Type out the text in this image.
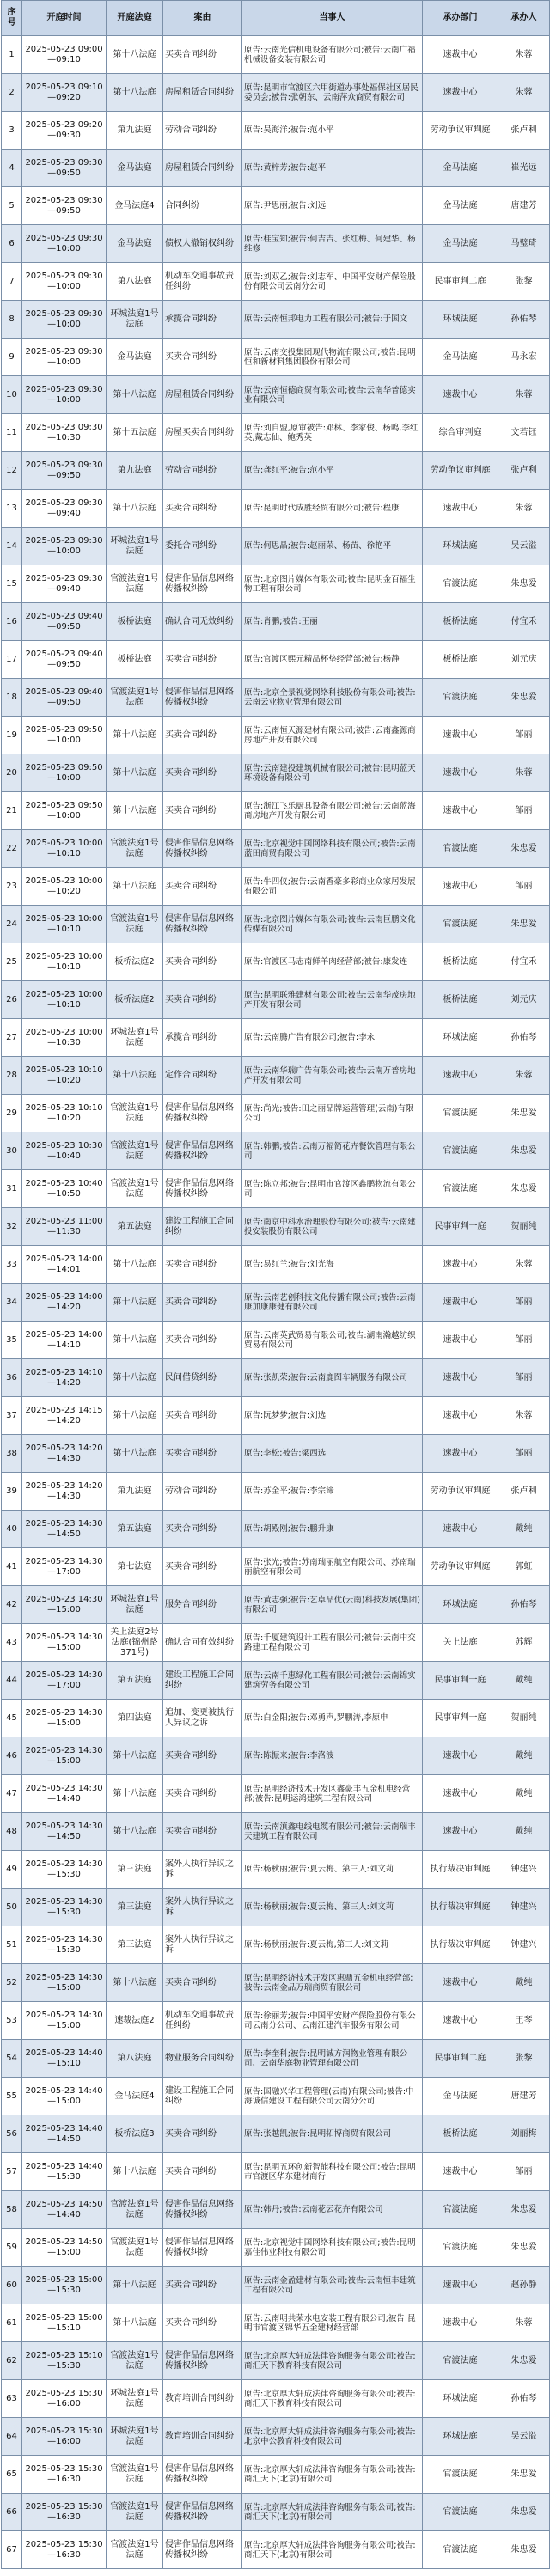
序号	开庭时间	开庭法庭	案由	当事人	承办部门	承办人
1	2025-05-23 09:00—09:10	第十八法庭	买卖合同纠纷	原告:云南光信机电设备有限公司;被告:云南广福机械设备安装有限公司	速裁中心	朱蓉
2	2025-05-23 09:10—09:20	第十八法庭	房屋租赁合同纠纷	原告:昆明市官渡区六甲街道办事处福保社区居民委员会;被告:张朝东、云南萍众商贸有限公司	速裁中心	朱蓉
3	2025-05-23 09:20—09:30	第九法庭	劳动合同纠纷	原告:吴海洋;被告:范小平	劳动争议审判庭	张卢利
4	2025-05-23 09:30—09:50	金马法庭	房屋租赁合同纠纷	原告:黄梓芳;被告:赵平	金马法庭	崔光远
5	2025-05-23 09:30—09:50	金马法庭4	合同纠纷	原告:尹思丽;被告:刘远	金马法庭	唐建芳
6	2025-05-23 09:30—10:00	金马法庭	债权人撤销权纠纷	原告:桂宝知;被告:何吉吉、张红梅、何建华、杨维修	金马法庭	马璧琦
7	2025-05-23 09:30—10:00	第八法庭	机动车交通事故责任纠纷	原告:刘双乙;被告:刘志军、中国平安财产保险股份有限公司云南分公司	民事审判二庭	张黎
8	2025-05-23 09:30—10:00	环城法庭1号法庭	承揽合同纠纷	原告:云南恒邦电力工程有限公司;被告:于国文	环城法庭	孙佑琴
9	2025-05-23 09:30—10:00	金马法庭	买卖合同纠纷	原告:云南交投集团现代物流有限公司;被告:昆明恒和新材料集团股份有限公司	金马法庭	马永宏
10	2025-05-23 09:30—10:00	第十八法庭	房屋租赁合同纠纷	原告:云南恒德商贸有限公司;被告:云南华普德实业有限公司	速裁中心	朱蓉
11	2025-05-23 09:30—10:30	第十五法庭	房屋买卖合同纠纷	原告:刘自盟,原审被告:邓林、李家俊、杨鸣,李红英,戴志仙、鲍秀英	综合审判庭	文若钰
12	2025-05-23 09:30—09:50	第九法庭	劳动合同纠纷	原告:龚红平;被告:范小平	劳动争议审判庭	张卢利
13	2025-05-23 09:30—09:40	第十八法庭	买卖合同纠纷	原告:昆明时代成胜经贸有限公司;被告:程康	速裁中心	朱蓉
14	2025-05-23 09:30—10:00	环城法庭1号法庭	委托合同纠纷	原告:何思晶;被告:赵丽荣、杨苗、徐艳平	环城法庭	吴云溢
15	2025-05-23 09:30—09:40	官渡法庭1号法庭	侵害作品信息网络传播权纠纷	原告:北京图片媒体有限公司;被告:昆明金百福生物工程有限公司	官渡法庭	朱忠爱
16	2025-05-23 09:40—09:50	板桥法庭	确认合同无效纠纷	原告:肖鹏;被告:王丽	板桥法庭	付宜禾
17	2025-05-23 09:40—09:50	板桥法庭	买卖合同纠纷	原告:官渡区熙元精品杯垫经营部;被告:杨静	板桥法庭	刘元庆
18	2025-05-23 09:40—09:50	官渡法庭1号法庭	侵害作品信息网络传播权纠纷	原告:北京全景视觉网络科技股份有限公司;被告:云南云业物业管理有限公司	官渡法庭	朱忠爱
19	2025-05-23 09:50—10:00	第十八法庭	买卖合同纠纷	原告:云南恒天源建材有限公司;被告:云南鑫源商房地产开发有限公司	速裁中心	邹丽
20	2025-05-23 09:50—10:00	第十八法庭	买卖合同纠纷	原告:云南建投建筑机械有限公司;被告:昆明蓝天环境设备有限公司	速裁中心	朱蓉
21	2025-05-23 09:50—10:00	第十八法庭	买卖合同纠纷	原告:浙江飞乐厨具设备有限公司;被告:云南蓝海商房地产开发有限公司	速裁中心	邹丽
22	2025-05-23 10:00—10:10	官渡法庭1号法庭	侵害作品信息网络传播权纠纷	原告:北京视觉中国网络科技有限公司;被告:云南蓝田商贸有限公司	官渡法庭	朱忠爱
23	2025-05-23 10:00—10:20	第十八法庭	买卖合同纠纷	原告:牛四仪;被告:云南香豪多彩商业众家居发展有限公司	速裁中心	邹丽
24	2025-05-23 10:00—10:10	官渡法庭1号法庭	侵害作品信息网络传播权纠纷	原告:北京图片媒体有限公司;被告:云南巨鹏文化传媒有限公司	官渡法庭	朱忠爱
25	2025-05-23 10:00—10:10	板桥法庭2	买卖合同纠纷	原告:官渡区马志南鲜羊肉经营部;被告:康发连	板桥法庭	付宜禾
26	2025-05-23 10:00—10:10	板桥法庭2	买卖合同纠纷	原告:昆明联雅建材有限公司;被告:云南华茂房地产开发有限公司	板桥法庭	刘元庆
27	2025-05-23 10:00—10:30	环城法庭1号法庭	承揽合同纠纷	原告:云南腾广告有限公司;被告:李永	环城法庭	孙佑琴
28	2025-05-23 10:10—10:20	第十八法庭	定作合同纠纷	原告:云南华瑞广告有限公司;被告:云南万普房地产开发有限公司	速裁中心	朱蓉
29	2025-05-23 10:10—10:20	官渡法庭1号法庭	侵害作品信息网络传播权纠纷	原告:尚光;被告:田之丽品牌运营管理(云南)有限公司	官渡法庭	朱忠爱
30	2025-05-23 10:30—10:40	官渡法庭1号法庭	侵害作品信息网络传播权纠纷	原告:韩鹏;被告:云南万福简花卉餐饮管理有限公司	官渡法庭	朱忠爱
31	2025-05-23 10:40—10:50	官渡法庭1号法庭	侵害作品信息网络传播权纠纷	原告:陈立邦;被告:昆明市官渡区鑫鹏物流有限公司	官渡法庭	朱忠爱
32	2025-05-23 11:00—11:30	第五法庭	建设工程施工合同纠纷	原告:南京中科水治理股份有限公司;被告:云南建投安装股份有限公司	民事审判一庭	贺丽纯
33	2025-05-23 14:00—14:01	第十八法庭	买卖合同纠纷	原告:易红兰;被告:刘光海	速裁中心	朱蓉
34	2025-05-23 14:00—14:20	第十八法庭	买卖合同纠纷	原告:云南艺创科技文化传播有限公司;被告:云南康加康康健有限公司	速裁中心	邹丽
35	2025-05-23 14:00—14:10	第十八法庭	买卖合同纠纷	原告:云南英武贸易有限公司;被告:湖南瀚越纺织贸易有限公司	速裁中心	邹丽
36	2025-05-23 14:10—14:20	第十八法庭	民间借贷纠纷	原告:张凯荣;被告:云南鹿图车辆服务有限公司	速裁中心	邹丽
37	2025-05-23 14:15—14:20	第十八法庭	买卖合同纠纷	原告:阮梦梦;被告:刘选	速裁中心	朱蓉
38	2025-05-23 14:20—14:30	第十八法庭	买卖合同纠纷	原告:李松;被告:梁西选	速裁中心	邹丽
39	2025-05-23 14:20—14:30	第九法庭	劳动合同纠纷	原告:苏金平;被告:李宗谛	劳动争议审判庭	张卢利
40	2025-05-23 14:30—14:50	第五法庭	买卖合同纠纷	原告:胡殿刚;被告:鹏升康	速裁中心	戴纯
41	2025-05-23 14:30—17:00	第七法庭	买卖合同纠纷	原告:张光;被告:苏南瑞丽航空有限公司、苏南瑞丽航空有限公司	劳动争议审判庭	郭虹
42	2025-05-23 14:30—15:00	环城法庭1号法庭	服务合同纠纷	原告:黄志强;被告:艺卓品优(云南)科技发展(集团)有限公司	环城法庭	孙佑琴
43	2025-05-23 14:30—15:00	关上法庭2号法庭(锦州路371号)	确认合同有效纠纷	原告:千厦建筑设计工程有限公司;被告:云南中交路建工程有限公司	关上法庭	苏辉
44	2025-05-23 14:30—17:00	第五法庭	建设工程施工合同纠纷	原告:云南千惠绿化工程有限公司;被告:云南锦实建筑劳务有限公司	民事审判一庭	戴纯
45	2025-05-23 14:30—15:00	第四法庭	追加、变更被执行人异议之诉	原告:白金阳;被告:邓勇声,罗鹏涛,李原申	民事审判一庭	贺丽纯
46	2025-05-23 14:30—15:00	第十八法庭	买卖合同纠纷	原告:陈振来;被告:李洛波	速裁中心	戴纯
47	2025-05-23 14:30—14:40	第十八法庭	买卖合同纠纷	原告:昆明经济技术开发区鑫豪丰五金机电经营部;被告:昆明运鸿建筑工程有限公司	速裁中心	戴纯
48	2025-05-23 14:30—14:50	第十八法庭	买卖合同纠纷	原告:云南滇鑫电线电缆有限公司;被告:云南瑞丰天建筑工程有限公司	速裁中心	戴纯
49	2025-05-23 14:30—15:30	第三法庭	案外人执行异议之诉	原告:杨秋丽;被告:夏云梅、第三人:刘文莉	执行裁决审判庭	钟建兴
50	2025-05-23 14:30—15:30	第三法庭	案外人执行异议之诉	原告:杨秋丽;被告:夏云梅、第三人:刘文莉	执行裁决审判庭	钟建兴
51	2025-05-23 14:30—15:30	第三法庭	案外人执行异议之诉	原告:杨秋丽;被告:夏云梅,第三人:刘文莉	执行裁决审判庭	钟建兴
52	2025-05-23 14:30—15:00	第十八法庭	买卖合同纠纷	原告:昆明经济技术开发区惠鼎五金机电经营部;被告:云南金品万瑞商贸有限公司	速裁中心	戴纯
53	2025-05-23 14:30—15:00	速裁法庭2	机动车交通事故责任纠纷	原告:徐丽芳;被告:中国平安财产保险股份有限公司云南分公司、云南江建汽车服务有限公司	速裁中心	王琴
54	2025-05-23 14:40—15:10	第八法庭	物业服务合同纠纷	原告:李奎科;被告:昆明诚方润物业管理有限公司、云南华庭物业管理有限公司	民事审判二庭	张黎
55	2025-05-23 14:40—15:00	金马法庭4	建设工程施工合同纠纷	原告:国融兴华工程管理(云南)有限公司;被告:中海诚信建设工程有限公司云南分公司	金马法庭	唐建芳
56	2025-05-23 14:40—14:50	板桥法庭3	买卖合同纠纷	原告:张越凯;被告:昆明拓博商贸有限公司	板桥法庭	刘丽梅
57	2025-05-23 14:40—15:30	第十八法庭	买卖合同纠纷	原告:昆明五环创新智能科技有限公司;被告:昆明市官渡区华东建材商行	速裁中心	邹丽
58	2025-05-23 14:50—14:40	官渡法庭1号法庭	侵害作品信息网络传播权纠纷	原告:韩丹;被告:云南花云花卉有限公司	官渡法庭	朱忠爱
59	2025-05-23 14:50—15:00	官渡法庭1号法庭	侵害作品信息网络传播权纠纷	原告:北京视觉中国网络科技有限公司;被告:昆明嘉佳伟业科技有限公司	官渡法庭	朱忠爱
60	2025-05-23 15:00—15:30	第十八法庭	买卖合同纠纷	原告:云南金盈建材有限公司;被告:云南恒丰建筑工程有限公司	速裁中心	赵孙静
61	2025-05-23 15:00—15:10	第十八法庭	买卖合同纠纷	原告:云南明共荣水电安装工程有限公司;被告:昆明市官渡区锦华五金建材经营部	速裁中心	朱蓉
62	2025-05-23 15:10—15:30	官渡法庭1号法庭	侵害作品信息网络传播权纠纷	原告:北京厚大轩成法律咨询服务有限公司;被告:商汇天下教育科技有限公司	官渡法庭	朱忠爱
63	2025-05-23 15:30—16:00	环城法庭1号法庭	教育培训合同纠纷	原告:北京厚大轩成法律咨询服务有限公司;被告:商汇天下教育科技有限公司	环城法庭	孙佑琴
64	2025-05-23 15:30—16:00	环城法庭1号法庭	教育培训合同纠纷	原告:北京厚大轩成法律咨询服务有限公司;被告:北京中公教育科技有限公司	环城法庭	吴云溢
65	2025-05-23 15:30—16:30	官渡法庭1号法庭	侵害作品信息网络传播权纠纷	原告:北京厚大轩成法律咨询服务有限公司;被告:商汇天下(北京)有限公司	官渡法庭	朱忠爱
66	2025-05-23 15:30—16:30	官渡法庭1号法庭	侵害作品信息网络传播权纠纷	原告:北京厚大轩成法律咨询服务有限公司;被告:商汇天下(北京)有限公司	官渡法庭	朱忠爱
67	2025-05-23 15:30—16:30	官渡法庭1号法庭	侵害作品信息网络传播权纠纷	原告:北京厚大轩成法律咨询服务有限公司;被告:商汇天下(北京)有限公司	官渡法庭	朱忠爱
